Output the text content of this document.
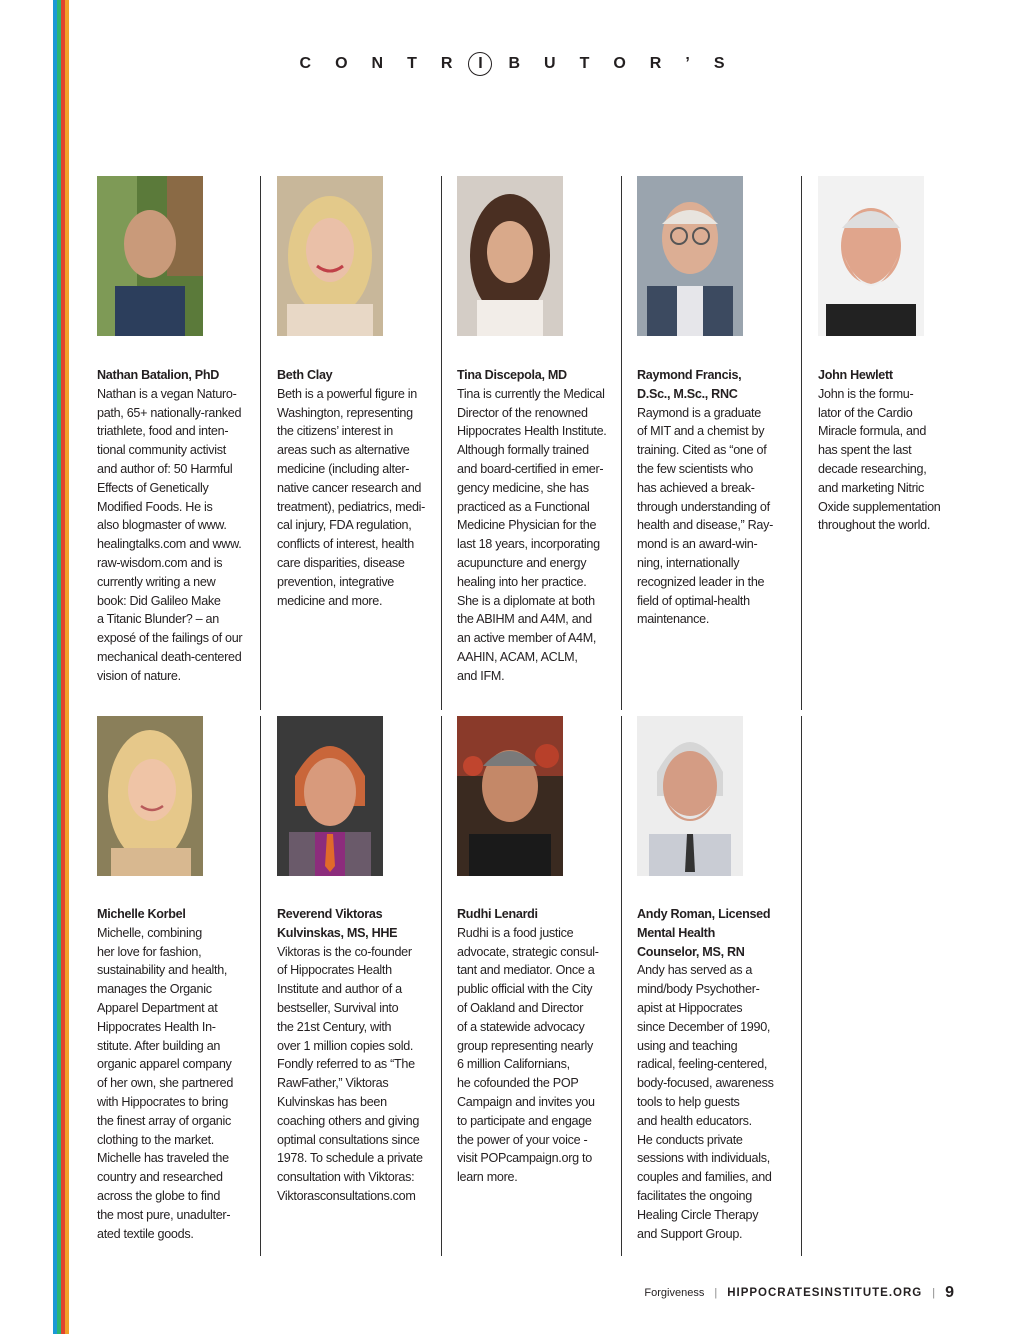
C O N T R I B U T O R ’ S
Nathan Batalion, PhD
Nathan is a vegan Naturo-
path, 65+ nationally-ranked
triathlete, food and inten-
tional community activist
and author of: 50 Harmful
Effects of Genetically
Modified Foods. He is
also blogmaster of www.
healingtalks.com and www.
raw-wisdom.com and is
currently writing a new
book: Did Galileo Make
a Titanic Blunder? – an
exposé of the failings of our
mechanical death-centered
vision of nature.
Beth Clay
Beth is a powerful figure in
Washington, representing
the citizens’ interest in
areas such as alternative
medicine (including alter-
native cancer research and
treatment), pediatrics, medi-
cal injury, FDA regulation,
conflicts of interest, health
care disparities, disease
prevention, integrative
medicine and more.
Tina Discepola, MD
Tina is currently the Medical
Director of the renowned
Hippocrates Health Institute.
Although formally trained
and board-certified in emer-
gency medicine, she has
practiced as a Functional
Medicine Physician for the
last 18 years, incorporating
acupuncture and energy
healing into her practice.
She is a diplomate at both
the ABIHM and A4M, and
an active member of A4M,
AAHIN, ACAM, ACLM,
and IFM.
Raymond Francis,
D.Sc., M.Sc., RNC
Raymond is a graduate
of MIT and a chemist by
training. Cited as “one of
the few scientists who
has achieved a break-
through understanding of
health and disease,” Ray-
mond is an award-win-
ning, internationally
recognized leader in the
field of optimal-health
maintenance.
John Hewlett
John is the formu-
lator of the Cardio
Miracle formula, and
has spent the last
decade researching,
and marketing Nitric
Oxide supplementation
throughout the world.
Michelle Korbel
Michelle, combining
her love for fashion,
sustainability and health,
manages the Organic
Apparel Department at
Hippocrates Health In-
stitute. After building an
organic apparel company
of her own, she partnered
with Hippocrates to bring
the finest array of organic
clothing to the market.
Michelle has traveled the
country and researched
across the globe to find
the most pure, unadulter-
ated textile goods.
Reverend Viktoras
Kulvinskas, MS, HHE
Viktoras is the co-founder
of Hippocrates Health
Institute and author of a
bestseller, Survival into
the 21st Century, with
over 1 million copies sold.
Fondly referred to as “The
RawFather,” Viktoras
Kulvinskas has been
coaching others and giving
optimal consultations since
1978. To schedule a private
consultation with Viktoras:
Viktorasconsultations.com
Rudhi Lenardi
Rudhi is a food justice
advocate, strategic consul-
tant and mediator. Once a
public official with the City
of Oakland and Director
of a statewide advocacy
group representing nearly
6 million Californians,
he cofounded the POP
Campaign and invites you
to participate and engage
the power of your voice -
visit POPcampaign.org to
learn more.
Andy Roman, Licensed
Mental Health
Counselor, MS, RN
Andy has served as a
mind/body Psychother-
apist at Hippocrates
since December of 1990,
using and teaching
radical, feeling-centered,
body-focused, awareness
tools to help guests
and health educators.
He conducts private
sessions with individuals,
couples and families, and
facilitates the ongoing
Healing Circle Therapy
and Support Group.
Forgiveness | HIPPOCRATESINSTITUTE.ORG | 9
